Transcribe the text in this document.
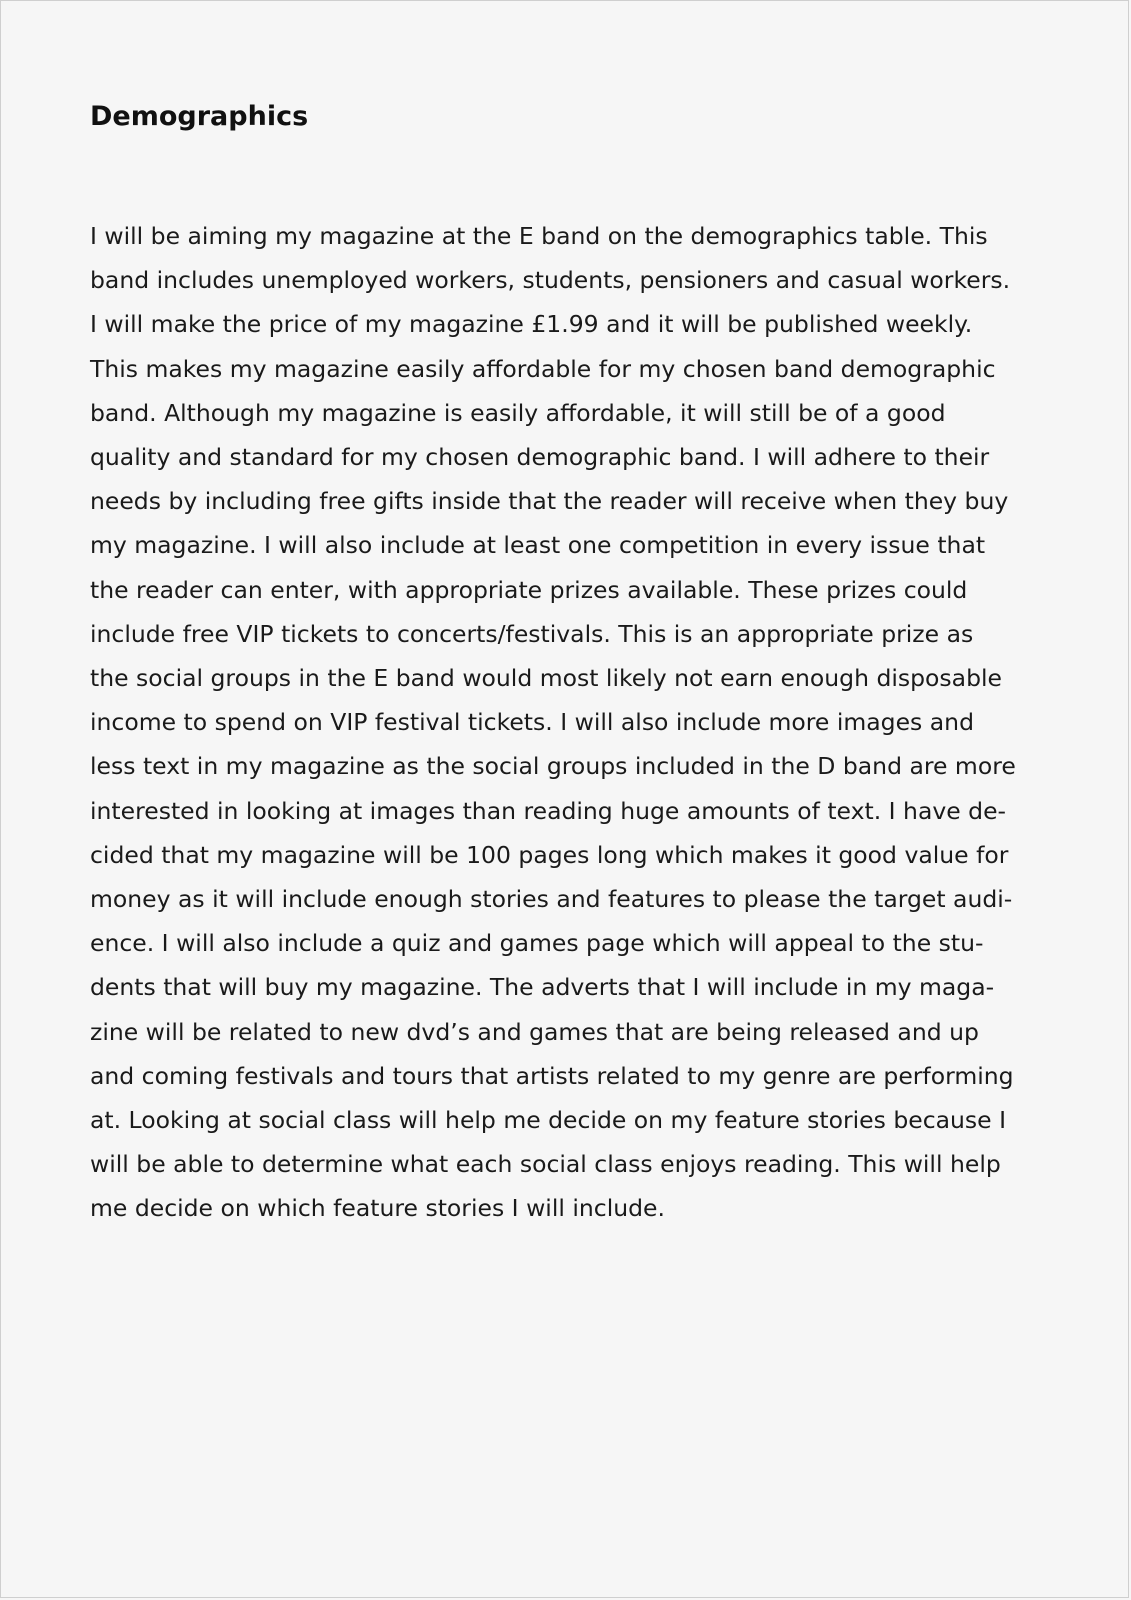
Demographics
I will be aiming my magazine at the E band on the demographics table. This
band includes unemployed workers, students, pensioners and casual workers.
I will make the price of my magazine £1.99 and it will be published weekly.
This makes my magazine easily affordable for my chosen band demographic
band. Although my magazine is easily affordable, it will still be of a good
quality and standard for my chosen demographic band. I will adhere to their
needs by including free gifts inside that the reader will receive when they buy
my magazine. I will also include at least one competition in every issue that
the reader can enter, with appropriate prizes available. These prizes could
include free VIP tickets to concerts/festivals. This is an appropriate prize as
the social groups in the E band would most likely not earn enough disposable
income to spend on VIP festival tickets. I will also include more images and
less text in my magazine as the social groups included in the D band are more
interested in looking at images than reading huge amounts of text. I have de-
cided that my magazine will be 100 pages long which makes it good value for
money as it will include enough stories and features to please the target audi-
ence. I will also include a quiz and games page which will appeal to the stu-
dents that will buy my magazine. The adverts that I will include in my maga-
zine will be related to new dvd’s and games that are being released and up
and coming festivals and tours that artists related to my genre are performing
at. Looking at social class will help me decide on my feature stories because I
will be able to determine what each social class enjoys reading. This will help
me decide on which feature stories I will include.
